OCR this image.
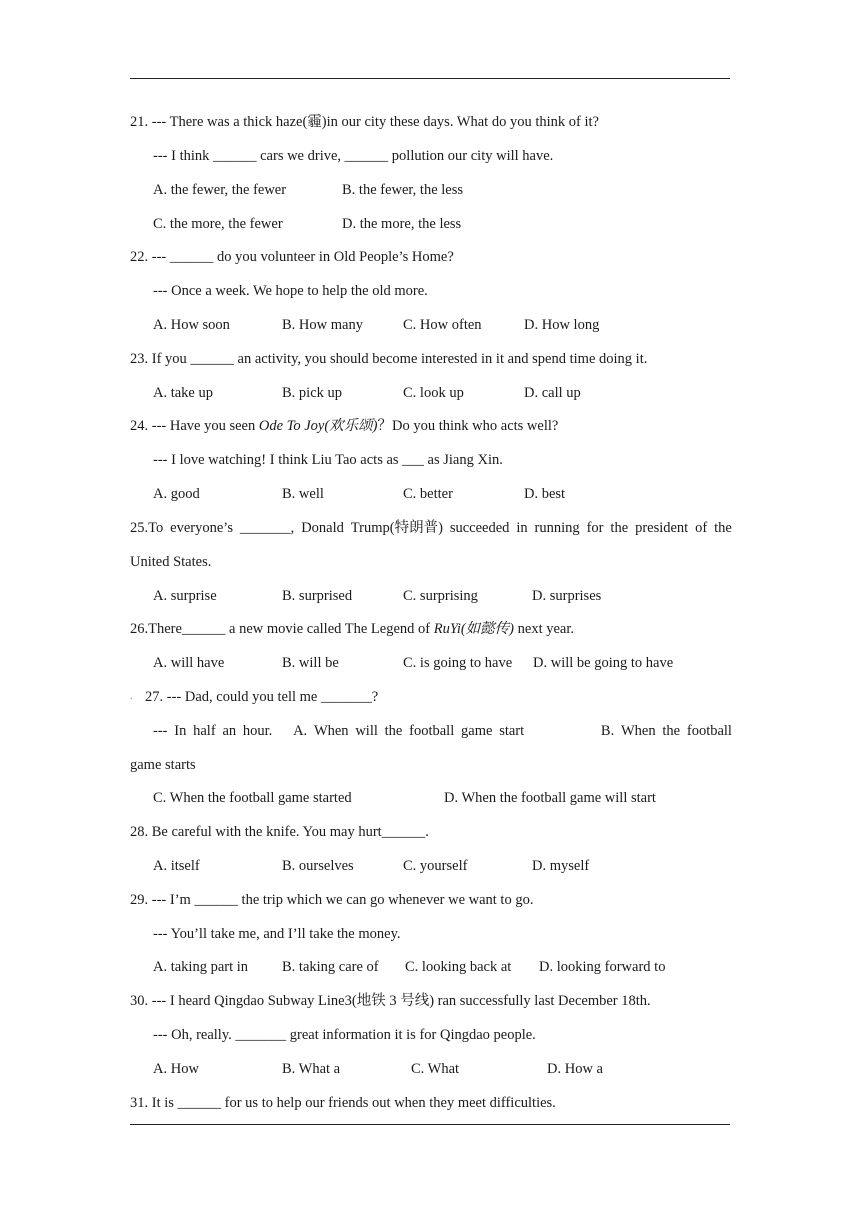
21. --- There was a thick haze(霾)in our city these days. What do you think of it?
--- I think ______ cars we drive, ______ pollution our city will have.
A. the fewer, the fewer	B. the fewer, the less
C. the more, the fewer	D. the more, the less
22. --- ______ do you volunteer in Old People’s Home?
--- Once a week. We hope to help the old more.
A. How soon	B. How many	C. How often	D. How long
23. If you ______ an activity, you should become interested in it and spend time doing it.
A. take up	B. pick up	C. look up	D. call up
24. --- Have you seen Ode To Joy(欢乐颂)？Do you think who acts well?
--- I love watching! I think Liu Tao acts as ___ as Jiang Xin.
A. good	B. well	C. better	D. best
25.To everyone’s _______, Donald Trump(特朗普) succeeded in running for the president of the
United States.
A. surprise	B. surprised	C. surprising	D. surprises
26.There______ a new movie called The Legend of RuYi(如懿传) next year.
A. will have	B. will be	C. is going to have D. will be going to have
. 27. --- Dad, could you tell me _______?
--- In half an hour. A. When will the football game start	B. When the football
game starts
C. When the football game started	D. When the football game will start
28. Be careful with the knife. You may hurt______.
A. itself	B. ourselves	C. yourself	D. myself
29. --- I’m ______ the trip which we can go whenever we want to go.
--- You’ll take me, and I’ll take the money.
A. taking part in B. taking care of C. looking back at D. looking forward to
30. --- I heard Qingdao Subway Line3(地铁 3 号线) ran successfully last December 18th.
--- Oh, really. _______ great information it is for Qingdao people.
A. How	B. What a	C. What	D. How a
31. It is ______ for us to help our friends out when they meet difficulties.
